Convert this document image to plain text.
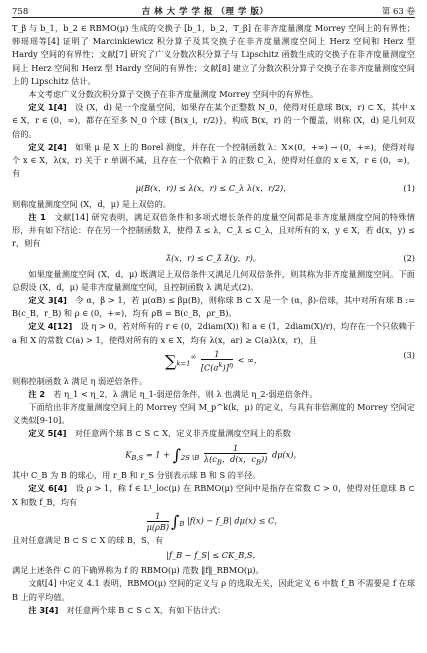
758	吉 林 大 学 学 报 （理 学 版）	第 63 卷

T_β 与 b_1，b_2 ∈ RBMO(μ) 生成的交换子 [b_1，b_2，T_β] 在非齐度量测度 Morrey 空间上的有界性；韩瑶瑶等[4] 证明了 Marcinkiewicz 积分算子及其交换子在非齐度量测度空间上 Herz 空间和 Herz 型 Hardy 空间的有界性；文献[7] 研究了广义分数次积分算子与 Lipschitz 函数生成的交换子在非齐度量测度空间上 Herz 空间和 Herz 型 Hardy 空间的有界性；文献[8] 建立了分数次积分算子交换子在非齐度量测度空间上的 Lipschitz 估计。

本文考虑广义分数次积分算子交换子在非齐度量测度 Morrey 空间中的有界性。

定义 1[4]　 设 (X，d) 是一个度量空间，如果存在某个正整数 N_0，使得对任意球 B(x，r) ⊂ X，其中 x ∈ X，r ∈ (0，∞)，都存在至多 N_0 个球 {B(x_i，r/2)}，构成 B(x，r) 的一个覆盖，则称 (X，d) 是几何双倍的。

定义 2[4]　 如果 μ 是 X 上的 Borel 测度，并存在一个控制函数 λ：X×(0，+∞) → (0，+∞)，使得对每个 x ∈ X，λ(x，r) 关于 r 单调不减，且存在一个依赖于 λ 的正数 C_λ，使得对任意的 x ∈ X，r ∈ (0，∞)，有

μ(B(x，r)) ≤ λ(x，r) ≤ C_λ λ(x，r/2)，	(1)

则称度量测度空间 (X，d，μ) 是上双倍的。

注 1　 文献[14] 研究表明，满足双倍条件和多项式增长条件的度量空间都是非齐度量测度空间的特殊情形，并有如下结论：存在另一个控制函数 λ̃，使得 λ̃ ≤ λ，C_λ̃ ≤ C_λ，且对所有的 x，y ∈ X，若 d(x，y) ≤ r，则有

λ̃(x，r) ≤ C_λ̃ λ̃(y，r)。	(2)

如果度量测度空间 (X，d，μ) 既满足上双倍条件又满足几何双倍条件，则其称为非齐度量测度空间。下面总假设 (X，d，μ) 是非齐度量测度空间，且控制函数 λ 满足式(2)。

定义 3[4]　 令 α，β > 1，若 μ(αB) ≤ βμ(B)，则称球 B ⊂ X 是一个 (α，β)-倍球，其中对所有球 B := B(c_B，r_B) 和 ρ ∈ (0，+∞)，均有 ρB = B(c_B，ρr_B)。

定义 4[12]　 设 η > 0，若对所有的 r ∈ (0，2diam(X)) 和 a ∈ (1，2diam(X)/r)，均存在一个只依赖于 a 和 X 的常数 C(a) > 1，使得对所有的 x ∈ X，均有 λ(x，ar) ≥ C(a)λ(x，r)，且

$\sum_{k=1}^\infty \frac{1}{[C(a^k)]^\eta}$ < ∞，	(3)

则称控制函数 λ 满足 η 弱逆倍条件。

注 2　 若 η_1 < η_2，λ 满足 η_1-弱逆倍条件，则 λ 也满足 η_2-弱逆倍条件。

下面给出非齐度量测度空间上的 Morrey 空间 M_p^k(k，μ) 的定义，与具有非倍测度的 Morrey 空间定义类似[9-10]。

定义 5[4]　 对任意两个球 B ⊂ S ⊂ X，定义非齐度量测度空间上的系数

$K_{B,S} = 1 + \int_{2S∖B} \frac{1}{\lambda(c_B,d(x,c_B))} d\mu(x)$，

其中 C_B 为 B 的球心，用 r_B 和 r_S 分别表示球 B 和 S 的半径。

定义 6[4]　 设 ρ > 1，称 f ∈ L¹_loc(μ) 在 RBMO(μ) 空间中是指存在常数 C > 0，使得对任意球 B ⊂ X 和数 f_B，均有

$\frac{1}{\mu(\rho B)} \int_B$ |f(x) − f_B| dμ(x) ≤ C，

且对任意满足 B ⊂ S ⊂ X 的球 B，S，有

|f_B − f_S| ≤ CK_B,S，

满足上述条件 C 的下确界称为 f 的 RBMO(μ) 范数 ‖f‖_RBMO(μ)。

文献[4] 中定义 4.1 表明，RBMO(μ) 空间的定义与 ρ 的选取无关，因此定义 6 中数 f_B 不需要是 f 在球 B 上的平均值。

注 3[4]　 对任意两个球 B ⊂ S ⊂ X，有如下估计式：
